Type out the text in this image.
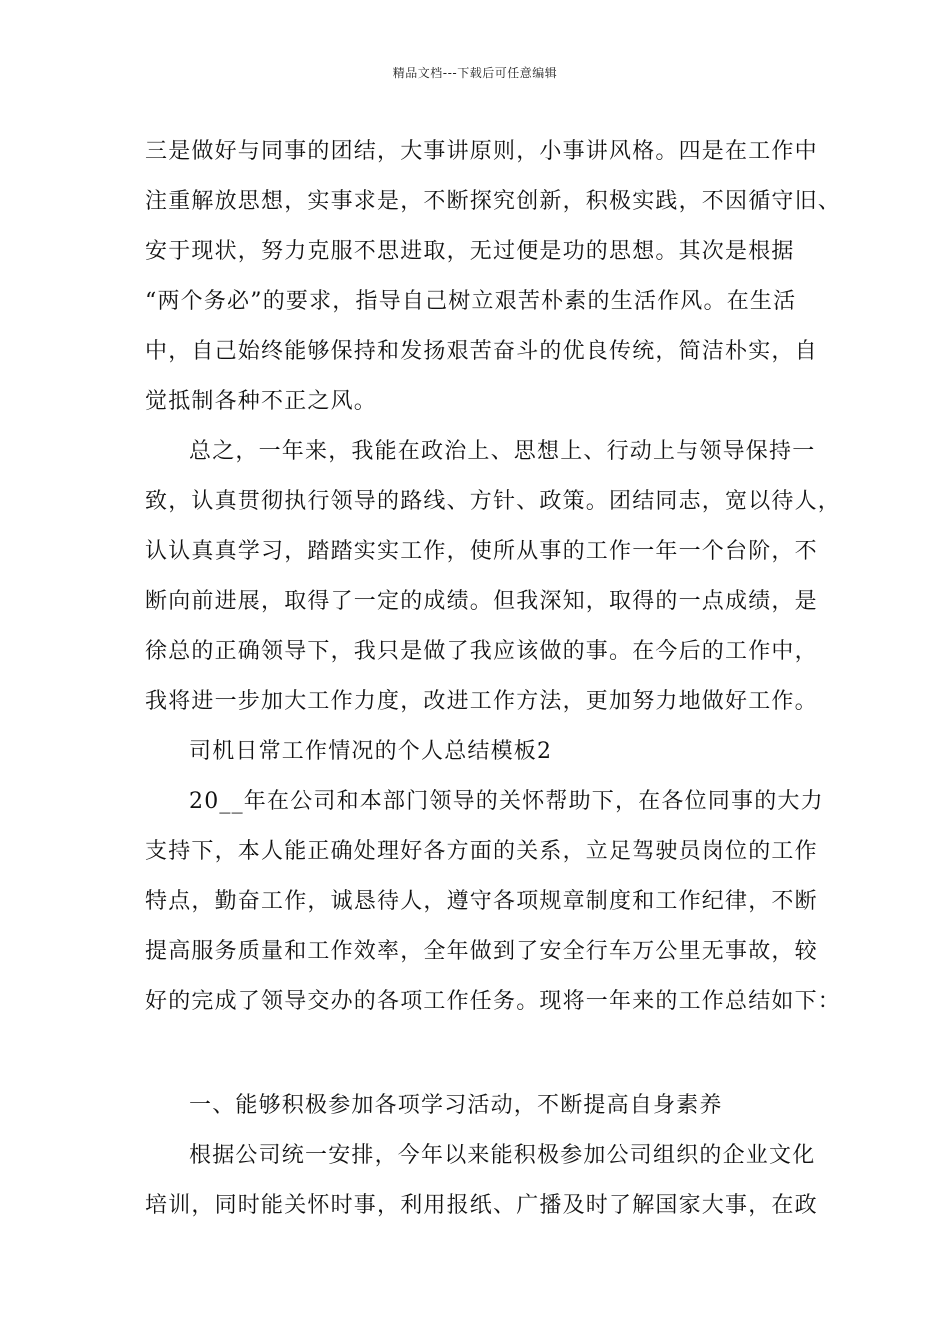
精品文档---下载后可任意编辑
三是做好与同事的团结，大事讲原则，小事讲风格。四是在工作中
注重解放思想，实事求是，不断探究创新，积极实践，不因循守旧、
安于现状，努力克服不思进取，无过便是功的思想。其次是根据
“两个务必”的要求，指导自己树立艰苦朴素的生活作风。在生活
中，自己始终能够保持和发扬艰苦奋斗的优良传统，简洁朴实，自
觉抵制各种不正之风。
总之，一年来，我能在政治上、思想上、行动上与领导保持一
致，认真贯彻执行领导的路线、方针、政策。团结同志，宽以待人，
认认真真学习，踏踏实实工作，使所从事的工作一年一个台阶，不
断向前进展，取得了一定的成绩。但我深知，取得的一点成绩，是
徐总的正确领导下，我只是做了我应该做的事。在今后的工作中，
我将进一步加大工作力度，改进工作方法，更加努力地做好工作。
司机日常工作情况的个人总结模板2
20__年在公司和本部门领导的关怀帮助下，在各位同事的大力
支持下，本人能正确处理好各方面的关系，立足驾驶员岗位的工作
特点，勤奋工作，诚恳待人，遵守各项规章制度和工作纪律，不断
提高服务质量和工作效率，全年做到了安全行车万公里无事故，较
好的完成了领导交办的各项工作任务。现将一年来的工作总结如下：
一、能够积极参加各项学习活动，不断提高自身素养
根据公司统一安排，今年以来能积极参加公司组织的企业文化
培训，同时能关怀时事，利用报纸、广播及时了解国家大事，在政
